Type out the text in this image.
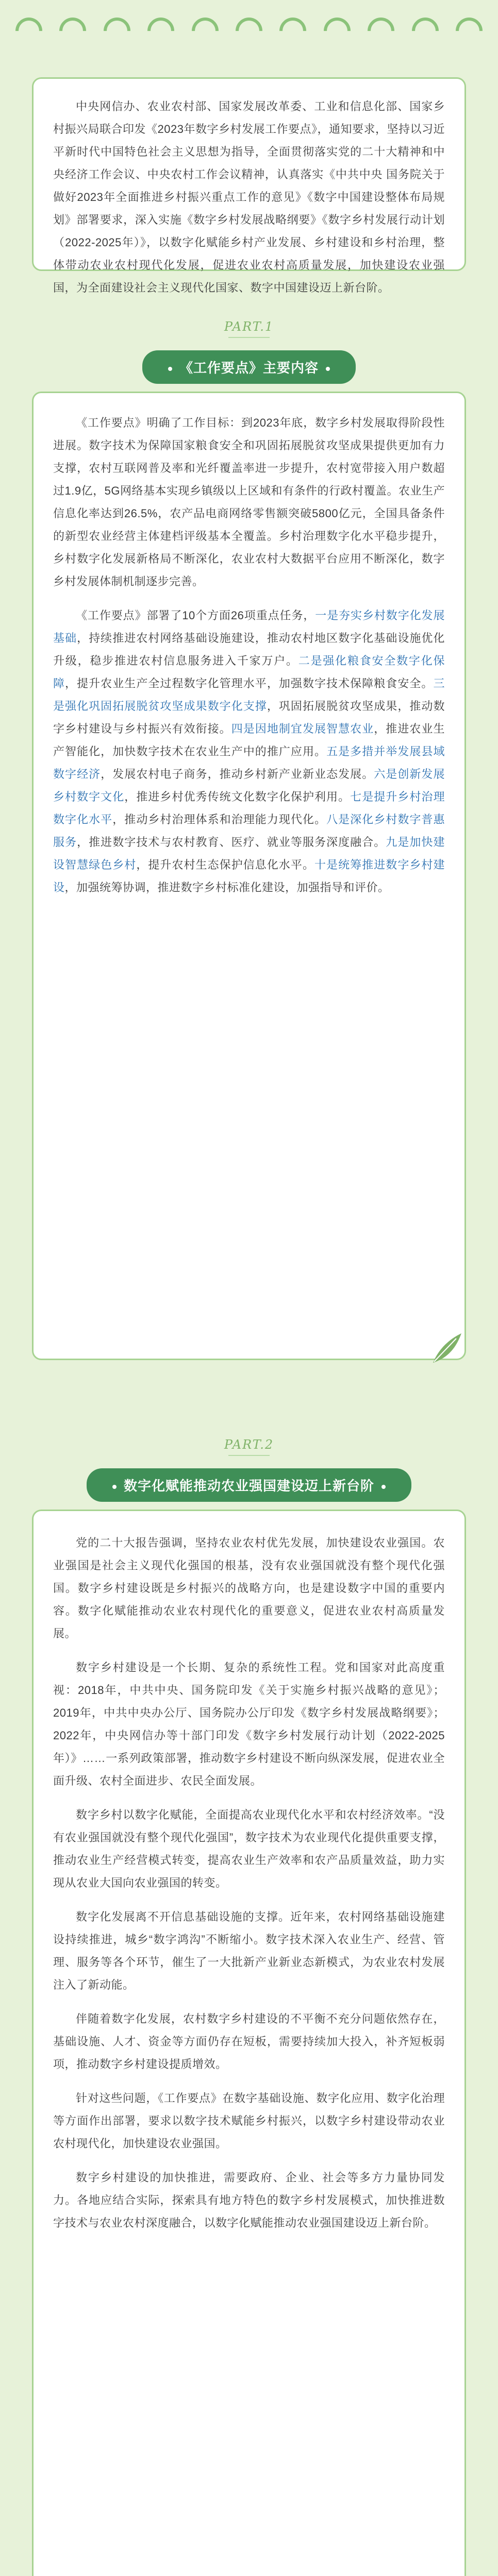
中央网信办、农业农村部、国家发展改革委、工业和信息化部、国家乡村振兴局联合印发《2023年数字乡村发展工作要点》，通知要求，坚持以习近平新时代中国特色社会主义思想为指导，全面贯彻落实党的二十大精神和中央经济工作会议、中央农村工作会议精神，认真落实《中共中央 国务院关于做好2023年全面推进乡村振兴重点工作的意见》《数字中国建设整体布局规划》部署要求，深入实施《数字乡村发展战略纲要》《数字乡村发展行动计划（2022-2025年）》，以数字化赋能乡村产业发展、乡村建设和乡村治理，整体带动农业农村现代化发展，促进农业农村高质量发展，加快建设农业强国，为全面建设社会主义现代化国家、数字中国建设迈上新台阶。

PART.1
《工作要点》主要内容

《工作要点》明确了工作目标：到2023年底，数字乡村发展取得阶段性进展。数字技术为保障国家粮食安全和巩固拓展脱贫攻坚成果提供更加有力支撑，农村互联网普及率和光纤覆盖率进一步提升，农村宽带接入用户数超过1.9亿，5G网络基本实现乡镇级以上区域和有条件的行政村覆盖。农业生产信息化率达到26.5%，农产品电商网络零售额突破5800亿元，全国具备条件的新型农业经营主体建档评级基本全覆盖。乡村治理数字化水平稳步提升，乡村数字化发展新格局不断深化，农业农村大数据平台应用不断深化，数字乡村发展体制机制逐步完善。

《工作要点》部署了10个方面26项重点任务，一是夯实乡村数字化发展基础，持续推进农村网络基础设施建设，推动农村地区数字化基础设施优化升级，稳步推进农村信息服务进入千家万户。二是强化粮食安全数字化保障，提升农业生产全过程数字化管理水平，加强数字技术保障粮食安全。三是强化巩固拓展脱贫攻坚成果数字化支撑，巩固拓展脱贫攻坚成果，推动数字乡村建设与乡村振兴有效衔接。四是因地制宜发展智慧农业，推进农业生产智能化，加快数字技术在农业生产中的推广应用。五是多措并举发展县域数字经济，发展农村电子商务，推动乡村新产业新业态发展。六是创新发展乡村数字文化，推进乡村优秀传统文化数字化保护利用。七是提升乡村治理数字化水平，推动乡村治理体系和治理能力现代化。八是深化乡村数字普惠服务，推进数字技术与农村教育、医疗、就业等服务深度融合。九是加快建设智慧绿色乡村，提升农村生态保护信息化水平。十是统筹推进数字乡村建设，加强统筹协调，推进数字乡村标准化建设，加强指导和评价。

PART.2
数字化赋能推动农业强国建设迈上新台阶

党的二十大报告强调，坚持农业农村优先发展，加快建设农业强国。农业强国是社会主义现代化强国的根基，没有农业强国就没有整个现代化强国。数字乡村建设既是乡村振兴的战略方向，也是建设数字中国的重要内容。数字化赋能推动农业农村现代化的重要意义，促进农业农村高质量发展。

数字乡村建设是一个长期、复杂的系统性工程。党和国家对此高度重视：2018年，中共中央、国务院印发《关于实施乡村振兴战略的意见》；2019年，中共中央办公厅、国务院办公厅印发《数字乡村发展战略纲要》；2022年，中央网信办等十部门印发《数字乡村发展行动计划（2022-2025年）》……一系列政策部署，推动数字乡村建设不断向纵深发展，促进农业全面升级、农村全面进步、农民全面发展。

数字乡村以数字化赋能，全面提高农业现代化水平和农村经济效率。“没有农业强国就没有整个现代化强国”，数字技术为农业现代化提供重要支撑，推动农业生产经营模式转变，提高农业生产效率和农产品质量效益，助力实现从农业大国向农业强国的转变。

数字化发展离不开信息基础设施的支撑。近年来，农村网络基础设施建设持续推进，城乡“数字鸿沟”不断缩小。数字技术深入农业生产、经营、管理、服务等各个环节，催生了一大批新产业新业态新模式，为农业农村发展注入了新动能。

伴随着数字化发展，农村数字乡村建设的不平衡不充分问题依然存在，基础设施、人才、资金等方面仍存在短板，需要持续加大投入，补齐短板弱项，推动数字乡村建设提质增效。

针对这些问题，《工作要点》在数字基础设施、数字化应用、数字化治理等方面作出部署，要求以数字技术赋能乡村振兴，以数字乡村建设带动农业农村现代化，加快建设农业强国。

数字乡村建设的加快推进，需要政府、企业、社会等多方力量协同发力。各地应结合实际，探索具有地方特色的数字乡村发展模式，加快推进数字技术与农业农村深度融合，以数字化赋能推动农业强国建设迈上新台阶。
